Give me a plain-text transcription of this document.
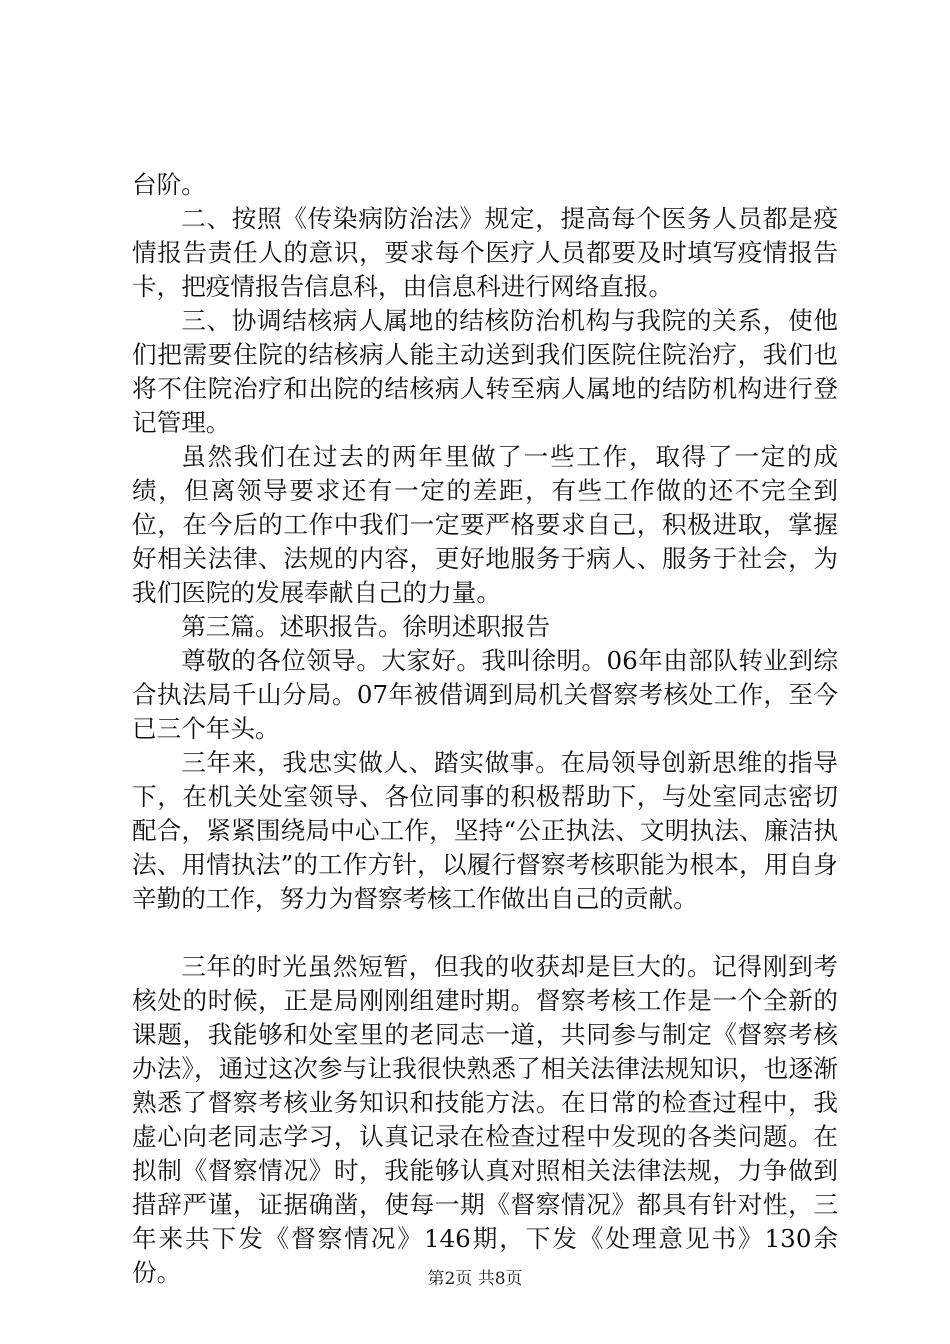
台阶。

二、按照《传染病防治法》规定，提高每个医务人员都是疫情报告责任人的意识，要求每个医疗人员都要及时填写疫情报告卡，把疫情报告信息科，由信息科进行网络直报。

三、协调结核病人属地的结核防治机构与我院的关系，使他们把需要住院的结核病人能主动送到我们医院住院治疗，我们也将不住院治疗和出院的结核病人转至病人属地的结防机构进行登记管理。

虽然我们在过去的两年里做了一些工作，取得了一定的成绩，但离领导要求还有一定的差距，有些工作做的还不完全到位，在今后的工作中我们一定要严格要求自己，积极进取，掌握好相关法律、法规的内容，更好地服务于病人、服务于社会，为我们医院的发展奉献自己的力量。

第三篇。述职报告。徐明述职报告

尊敬的各位领导。大家好。我叫徐明。06年由部队转业到综合执法局千山分局。07年被借调到局机关督察考核处工作，至今已三个年头。

三年来，我忠实做人、踏实做事。在局领导创新思维的指导下，在机关处室领导、各位同事的积极帮助下，与处室同志密切配合，紧紧围绕局中心工作，坚持“公正执法、文明执法、廉洁执法、用情执法”的工作方针，以履行督察考核职能为根本，用自身辛勤的工作，努力为督察考核工作做出自己的贡献。

三年的时光虽然短暂，但我的收获却是巨大的。记得刚到考核处的时候，正是局刚刚组建时期。督察考核工作是一个全新的课题，我能够和处室里的老同志一道，共同参与制定《督察考核办法》，通过这次参与让我很快熟悉了相关法律法规知识，也逐渐熟悉了督察考核业务知识和技能方法。在日常的检查过程中，我虚心向老同志学习，认真记录在检查过程中发现的各类问题。在拟制《督察情况》时，我能够认真对照相关法律法规，力争做到措辞严谨，证据确凿，使每一期《督察情况》都具有针对性，三年来共下发《督察情况》146期，下发《处理意见书》130余份。	第2页 共8页
